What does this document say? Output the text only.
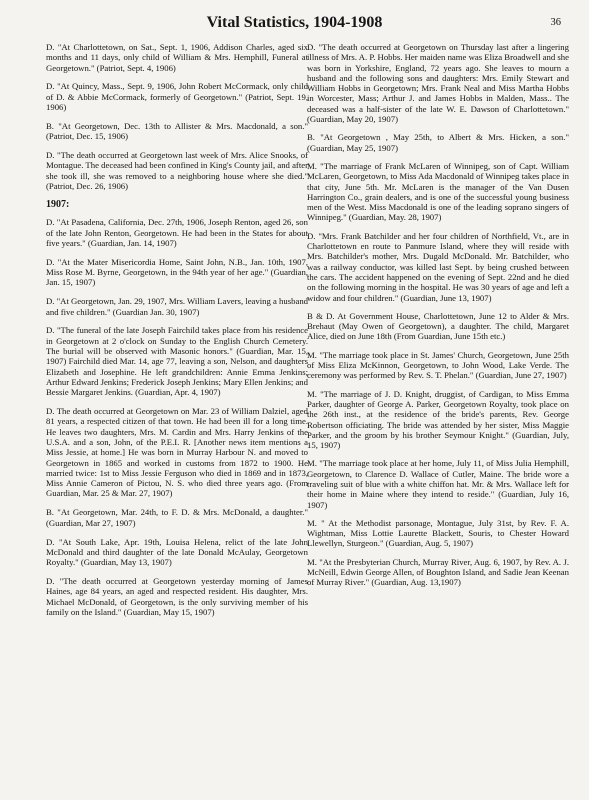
Vital Statistics, 1904-1908	36

D. "At Charlottetown, on Sat., Sept. 1, 1906, Addison Charles, aged six months and 11 days, only child of William & Mrs. Hemphill, Funeral at Georgetown." (Patriot, Sept. 4, 1906)

D. "At Quincy, Mass., Sept. 9, 1906, John Robert McCormack, only child of D. & Abbie McCormack, formerly of Georgetown." (Patriot, Sept. 19, 1906)

B. "At Georgetown, Dec. 13th to Allister & Mrs. Macdonald, a son." (Patriot, Dec. 15, 1906)

D. "The death occurred at Georgetown last week of Mrs. Alice Snooks, of Montague. The deceased had been confined in King's County jail, and after she took ill, she was removed to a neighboring house where she died." (Patriot, Dec. 26, 1906)

1907:

D. "At Pasadena, California, Dec. 27th, 1906, Joseph Renton, aged 26, son of the late John Renton, Georgetown. He had been in the States for about five years." (Guardian, Jan. 14, 1907)

D. "At the Mater Misericordia Home, Saint John, N.B., Jan. 10th, 1907, Miss Rose M. Byrne, Georgetown, in the 94th year of her age." (Guardian, Jan. 15, 1907)

D. "At Georgetown, Jan. 29, 1907, Mrs. William Lavers, leaving a husband and five children." (Guardian Jan. 30, 1907)

D. "The funeral of the late Joseph Fairchild takes place from his residence in Georgetown at 2 o'clock on Sunday to the English Church Cemetery. The burial will be observed with Masonic honors." (Guardian, Mar. 15, 1907) Fairchild died Mar. 14, age 77, leaving a son, Nelson, and daughters Elizabeth and Josephine. He left grandchildren: Annie Emma Jenkins; Arthur Edward Jenkins; Frederick Joseph Jenkins; Mary Ellen Jenkins; and Bessie Margaret Jenkins. (Guardian, Apr. 4, 1907)

D. The death occurred at Georgetown on Mar. 23 of William Dalziel, aged 81 years, a respected citizen of that town. He had been ill for a long time. He leaves two daughters, Mrs. M. Cardin and Mrs. Harry Jenkins of the U.S.A. and a son, John, of the P.E.I. R. [Another news item mentions a Miss Jessie, at home.] He was born in Murray Harbour N. and moved to Georgetown in 1865 and worked in customs from 1872 to 1900. He married twice: 1st to Miss Jessie Ferguson who died in 1869 and in 1873, Miss Annie Cameron of Pictou, N. S. who died three years ago. (From Guardian, Mar. 25 & Mar. 27, 1907)

B. "At Georgetown, Mar. 24th, to F. D. & Mrs. McDonald, a daughter." (Guardian, Mar 27, 1907)

D. "At South Lake, Apr. 19th, Louisa Helena, relict of the late John McDonald and third daughter of the late Donald McAulay, Georgetown Royalty." (Guardian, May 13, 1907)

D. "The death occurred at Georgetown yesterday morning of James Haines, age 84 years, an aged and respected resident. His daughter, Mrs. Michael McDonald, of Georgetown, is the only surviving member of his family on the Island." (Guardian, May 15, 1907)

D. "The death occurred at Georgetown on Thursday last after a lingering illness of Mrs. A. P. Hobbs. Her maiden name was Eliza Broadwell and she was born in Yorkshire, England, 72 years ago. She leaves to mourn a husband and the following sons and daughters: Mrs. Emily Stewart and William Hobbs in Georgetown; Mrs. Frank Neal and Miss Martha Hobbs in Worcester, Mass; Arthur J. and James Hobbs in Malden, Mass.. The deceased was a half-sister of the late W. E. Dawson of Charlottetown." (Guardian, May 20, 1907)

B. "At Georgetown , May 25th, to Albert & Mrs. Hicken, a son." (Guardian, May 25, 1907)

M. "The marriage of Frank McLaren of Winnipeg, son of Capt. William McLaren, Georgetown, to Miss Ada Macdonald of Winnipeg takes place in that city, June 5th. Mr. McLaren is the manager of the Van Dusen Harrington Co., grain dealers, and is one of the successful young business men of the West. Miss Macdonald is one of the leading soprano singers of Winnipeg." (Guardian, May. 28, 1907)

D. "Mrs. Frank Batchilder and her four children of Northfield, Vt., are in Charlottetown en route to Panmure Island, where they will reside with Mrs. Batchilder's mother, Mrs. Dugald McDonald. Mr. Batchilder, who was a railway conductor, was killed last Sept. by being crushed between the cars. The accident happened on the evening of Sept. 22nd and he died on the following morning in the hospital. He was 30 years of age and left a widow and four children." (Guardian, June 13, 1907)

B & D. At Government House, Charlottetown, June 12 to Alder & Mrs. Brehaut (May Owen of Georgetown), a daughter. The child, Margaret Alice, died on June 18th (From Guardian, June 15th etc.)

M. "The marriage took place in St. James' Church, Georgetown, June 25th of Miss Eliza McKinnon, Georgetown, to John Wood, Lake Verde. The ceremony was performed by Rev. S. T. Phelan." (Guardian, June 27, 1907)

M. "The marriage of J. D. Knight, druggist, of Cardigan, to Miss Emma Parker, daughter of George A. Parker, Georgetown Royalty, took place on the 26th inst., at the residence of the bride's parents, Rev. George Robertson officiating. The bride was attended by her sister, Miss Maggie Parker, and the groom by his brother Seymour Knight." (Guardian, July, 15, 1907)

M. "The marriage took place at her home, July 11, of Miss Julia Hemphill, Georgetown, to Clarence D. Wallace of Cutler, Maine. The bride wore a traveling suit of blue with a white chiffon hat. Mr. & Mrs. Wallace left for their home in Maine where they intend to reside." (Guardian, July 16, 1907)

M. " At the Methodist parsonage, Montague, July 31st, by Rev. F. A. Wightman, Miss Lottie Laurette Blackett, Souris, to Chester Howard Llewellyn, Sturgeon." (Guardian, Aug. 5, 1907)

M. "At the Presbyterian Church, Murray River, Aug. 6, 1907, by Rev. A. J. McNeill, Edwin George Allen, of Boughton Island, and Sadie Jean Keenan of Murray River." (Guardian, Aug. 13,1907)
